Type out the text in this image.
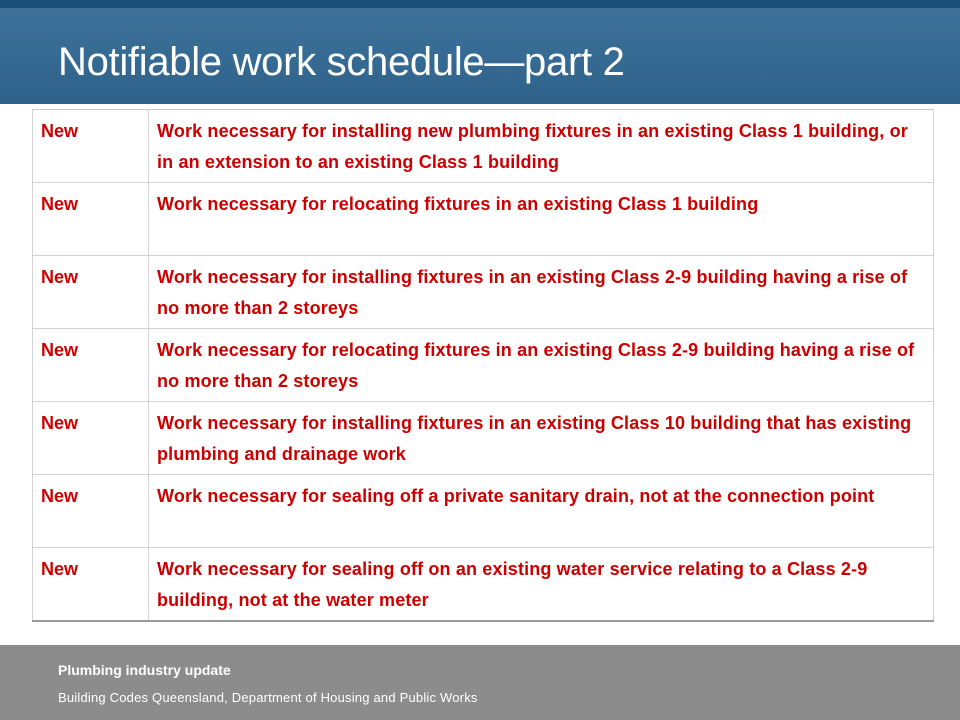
Notifiable work schedule—part 2
New	Work necessary for installing new plumbing fixtures in an existing Class 1 building, or in an extension to an existing Class 1 building
New	Work necessary for relocating fixtures in an existing Class 1 building
New	Work necessary for installing fixtures in an existing Class 2-9 building having a rise of no more than 2 storeys
New	Work necessary for relocating fixtures in an existing Class 2-9 building having a rise of no more than 2 storeys
New	Work necessary for installing fixtures in an existing Class 10 building that has existing plumbing and drainage work
New	Work necessary for sealing off a private sanitary drain, not at the connection point
New	Work necessary for sealing off on an existing water service relating to a Class 2-9 building, not at the water meter
Plumbing industry update
Building Codes Queensland, Department of Housing and Public Works
